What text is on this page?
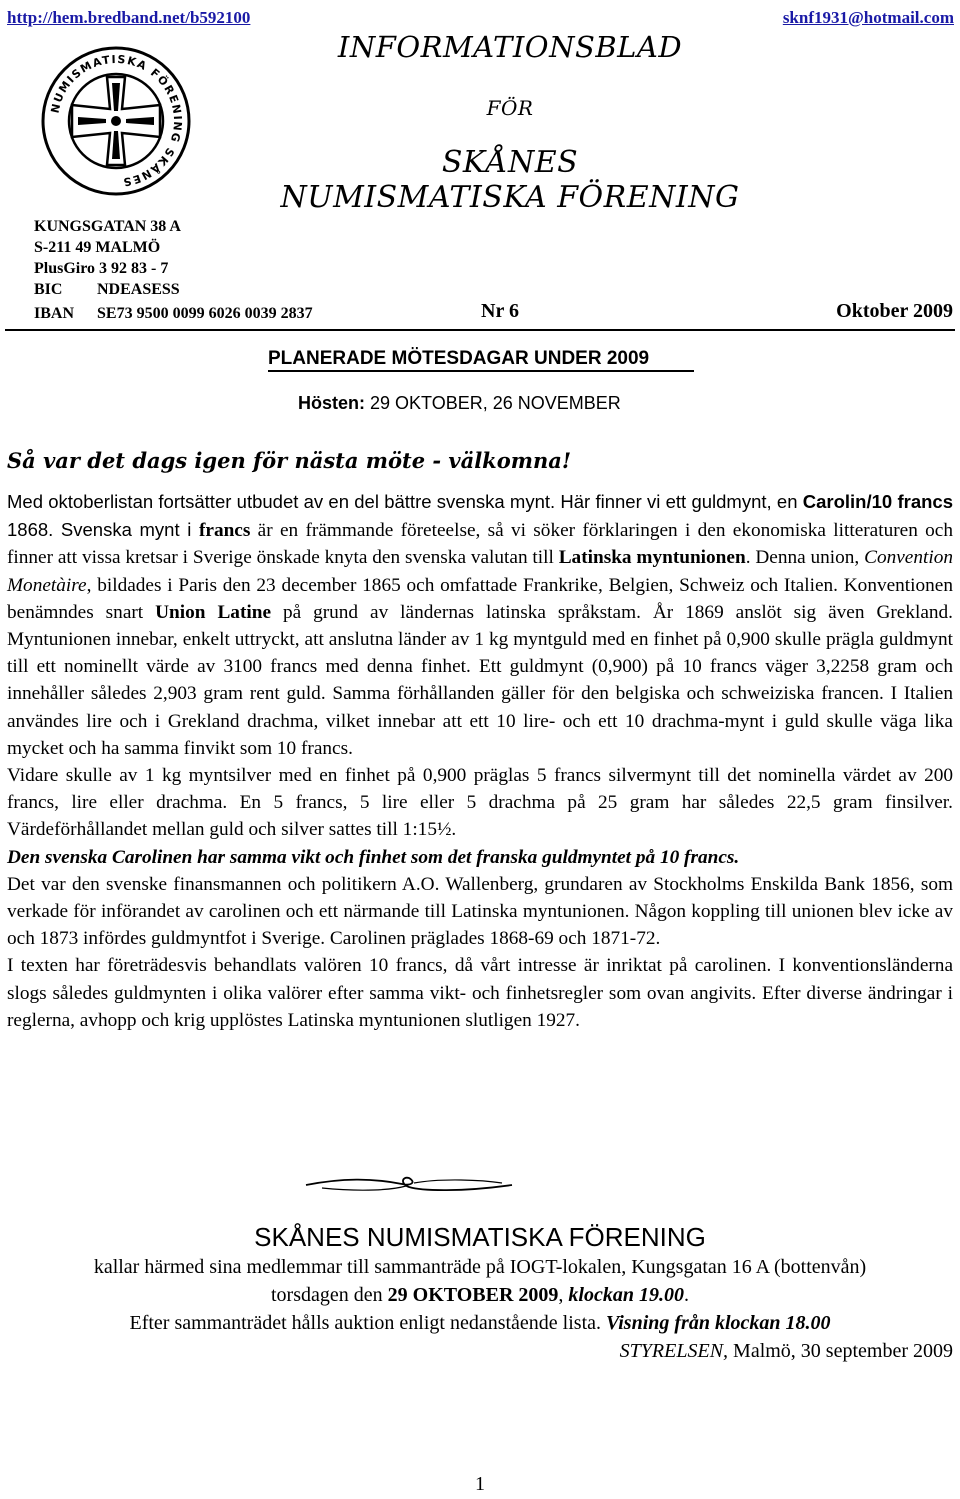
http://hem.bredband.net/b592100	sknf1931@hotmail.com
NUMISMATISKA FÖRENING SKÅNES
INFORMATIONSBLAD
FÖR
SKÅNES
NUMISMATISKA FÖRENING
KUNGSGATAN 38 A
S-211 49 MALMÖ
PlusGiro 3 92 83 - 7
BIC NDEASESS
IBAN SE73 9500 0099 6026 0039 2837	Nr 6	Oktober 2009
PLANERADE MÖTESDAGAR UNDER 2009
Hösten: 29 OKTOBER, 26 NOVEMBER
Så var det dags igen för nästa möte - välkomna!

Med oktoberlistan fortsätter utbudet av en del bättre svenska mynt. Här finner vi ett guldmynt, en Carolin/10 francs 1868. Svenska mynt i francs är en främmande företeelse, så vi söker förklaringen i den ekonomiska litteraturen och finner att vissa kretsar i Sverige önskade knyta den svenska valutan till Latinska myntunionen. Denna union, Convention Monetàire, bildades i Paris den 23 december 1865 och omfattade Frankrike, Belgien, Schweiz och Italien. Konventionen benämndes snart Union Latine på grund av ländernas latinska språkstam. År 1869 anslöt sig även Grekland. Myntunionen innebar, enkelt uttryckt, att anslutna länder av 1 kg myntguld med en finhet på 0,900 skulle prägla guldmynt till ett nominellt värde av 3100 francs med denna finhet. Ett guldmynt (0,900) på 10 francs väger 3,2258 gram och innehåller således 2,903 gram rent guld. Samma förhållanden gäller för den belgiska och schweiziska francen. I Italien användes lire och i Grekland drachma, vilket innebar att ett 10 lire- och ett 10 drachma-mynt i guld skulle väga lika mycket och ha samma finvikt som 10 francs.

Vidare skulle av 1 kg myntsilver med en finhet på 0,900 präglas 5 francs silvermynt till det nominella värdet av 200 francs, lire eller drachma. En 5 francs, 5 lire eller 5 drachma på 25 gram har således 22,5 gram finsilver. Värdeförhållandet mellan guld och silver sattes till 1:15½.

Den svenska Carolinen har samma vikt och finhet som det franska guldmyntet på 10 francs.

Det var den svenske finansmannen och politikern A.O. Wallenberg, grundaren av Stockholms Enskilda Bank 1856, som verkade för införandet av carolinen och ett närmande till Latinska myntunionen. Någon koppling till unionen blev icke av och 1873 infördes guldmyntfot i Sverige. Carolinen präglades 1868-69 och 1871-72.

I texten har företrädesvis behandlats valören 10 francs, då vårt intresse är inriktat på carolinen. I konventionsländerna slogs således guldmynten i olika valörer efter samma vikt- och finhetsregler som ovan angivits. Efter diverse ändringar i reglerna, avhopp och krig upplöstes Latinska myntunionen slutligen 1927.

SKÅNES NUMISMATISKA FÖRENING
kallar härmed sina medlemmar till sammanträde på IOGT-lokalen, Kungsgatan 16 A (bottenvån)
torsdagen den 29 OKTOBER 2009, klockan 19.00.
Efter sammanträdet hålls auktion enligt nedanstående lista. Visning från klockan 18.00
STYRELSEN, Malmö, 30 september 2009
1
